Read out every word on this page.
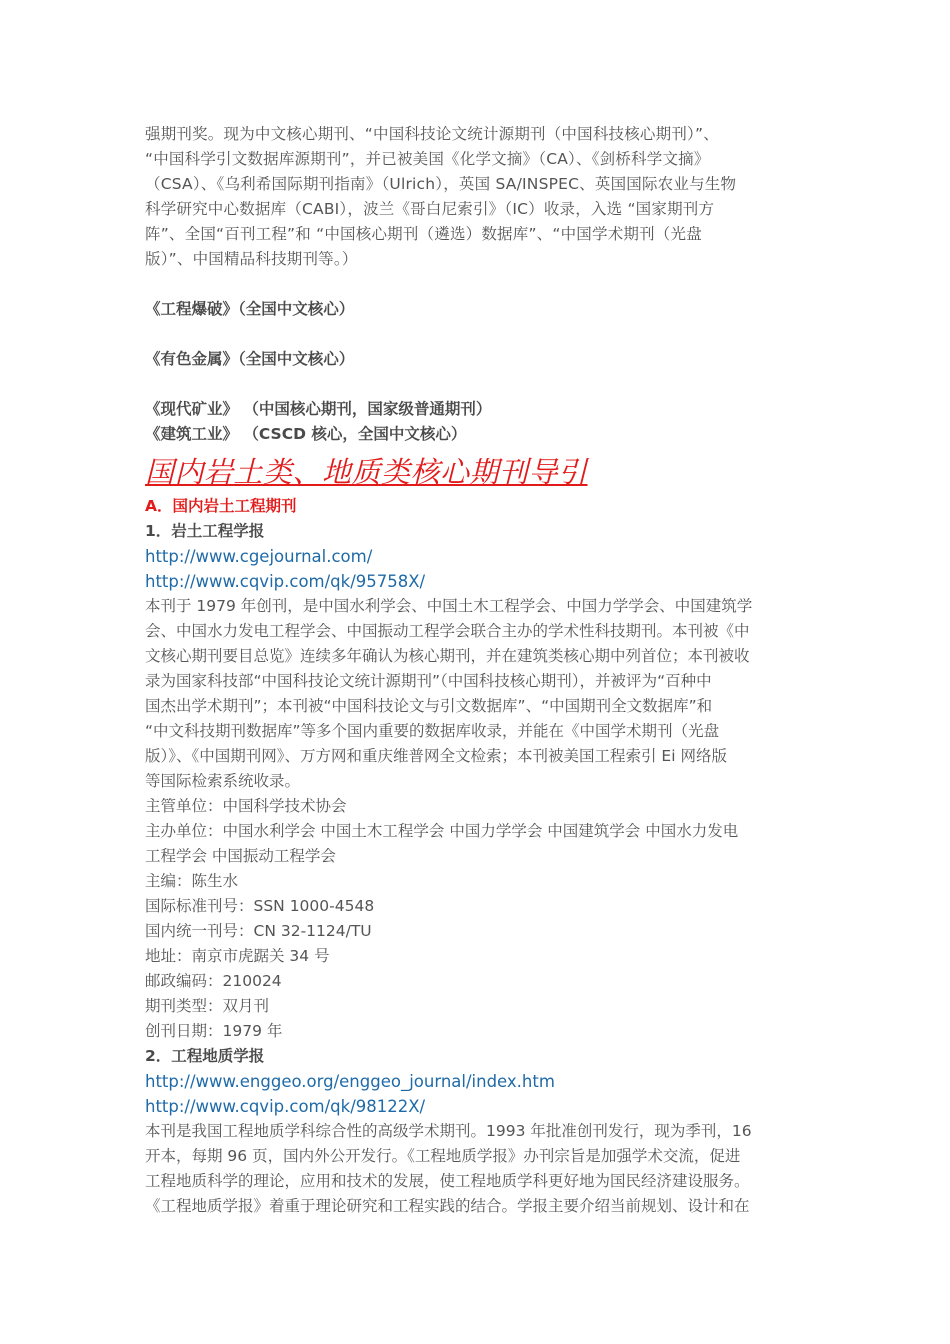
强期刊奖。现为中文核心期刊、“中国科技论文统计源期刊（中国科技核心期刊）”、

“中国科学引文数据库源期刊”，并已被美国《化学文摘》（CA）、《剑桥科学文摘》

（CSA）、《乌利希国际期刊指南》（Ulrich），英国 SA/INSPEC、英国国际农业与生物

科学研究中心数据库（CABI），波兰《哥白尼索引》（IC）收录，入选 “国家期刊方

阵”、全国“百刊工程”和 “中国核心期刊（遴选）数据库”、“中国学术期刊（光盘

版）”、中国精品科技期刊等。）

《工程爆破》（全国中文核心）

《有色金属》（全国中文核心）

《现代矿业》 （中国核心期刊，国家级普通期刊）

《建筑工业》 （CSCD 核心，全国中文核心）

国内岩土类、地质类核心期刊导引

A．国内岩土工程期刊

1．岩土工程学报

http://www.cgejournal.com/
http://www.cqvip.com/qk/95758X/

本刊于 1979 年创刊，是中国水利学会、中国土木工程学会、中国力学学会、中国建筑学

会、中国水力发电工程学会、中国振动工程学会联合主办的学术性科技期刊。本刊被《中

文核心期刊要目总览》连续多年确认为核心期刊，并在建筑类核心期中列首位；本刊被收

录为国家科技部“中国科技论文统计源期刊”（中国科技核心期刊），并被评为“百种中

国杰出学术期刊”；本刊被“中国科技论文与引文数据库”、“中国期刊全文数据库”和

“中文科技期刊数据库”等多个国内重要的数据库收录，并能在《中国学术期刊（光盘

版）》、《中国期刊网》、万方网和重庆维普网全文检索；本刊被美国工程索引 Ei 网络版

等国际检索系统收录。

主管单位：中国科学技术协会

主办单位：中国水利学会 中国土木工程学会 中国力学学会 中国建筑学会 中国水力发电

工程学会 中国振动工程学会

主编：陈生水

国际标准刊号：SSN 1000-4548

国内统一刊号：CN 32-1124/TU

地址：南京市虎踞关 34 号

邮政编码：210024

期刊类型：双月刊

创刊日期：1979 年

2．工程地质学报

http://www.enggeo.org/enggeo_journal/index.htm
http://www.cqvip.com/qk/98122X/

本刊是我国工程地质学科综合性的高级学术期刊。1993 年批准创刊发行，现为季刊，16

开本，每期 96 页，国内外公开发行。《工程地质学报》办刊宗旨是加强学术交流，促进

工程地质科学的理论，应用和技术的发展，使工程地质学科更好地为国民经济建设服务。

《工程地质学报》着重于理论研究和工程实践的结合。学报主要介绍当前规划、设计和在
